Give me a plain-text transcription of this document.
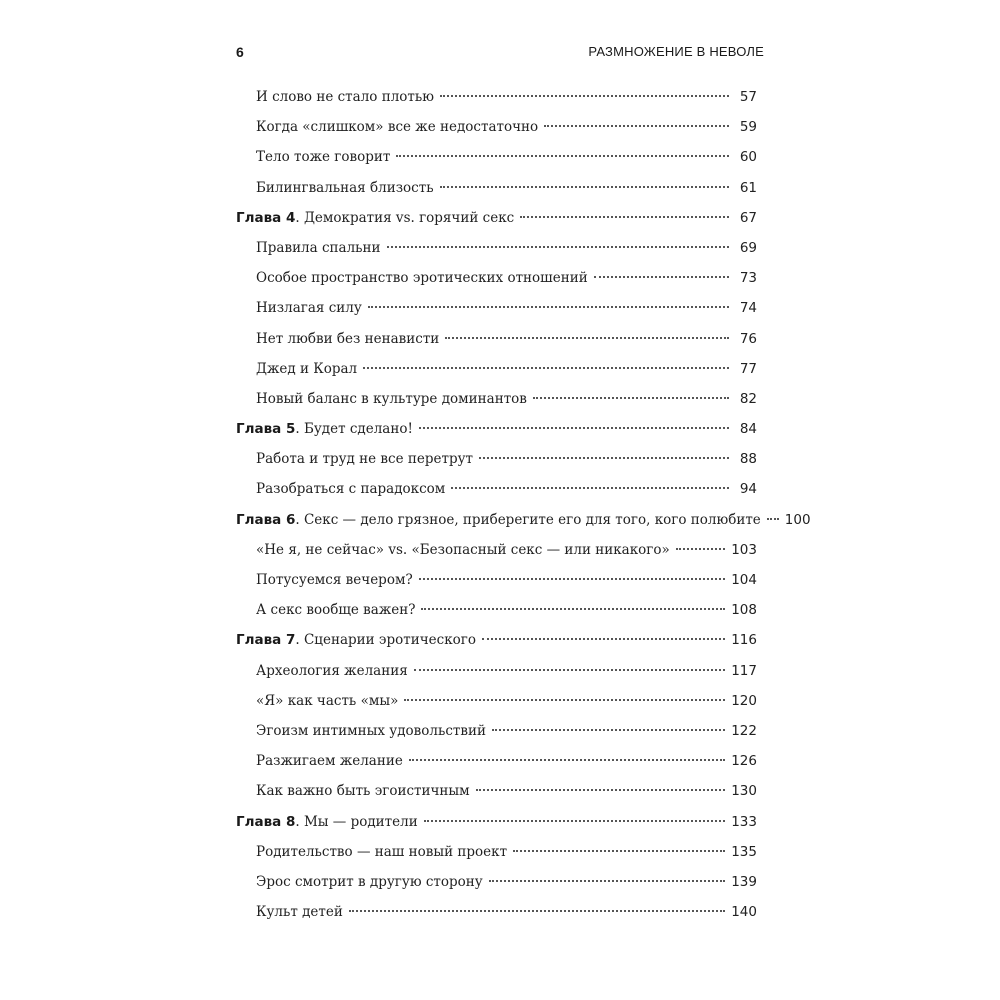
6	РАЗМНОЖЕНИЕ В НЕВОЛЕ
И слово не стало плотью	57
Когда «слишком» все же недостаточно	59
Тело тоже говорит	60
Билингвальная близость	61
Глава 4. Демократия vs. горячий секс	67
Правила спальни	69
Особое пространство эротических отношений	73
Низлагая силу	74
Нет любви без ненависти	76
Джед и Корал	77
Новый баланс в культуре доминантов	82
Глава 5. Будет сделано!	84
Работа и труд не все перетрут	88
Разобраться с парадоксом	94
Глава 6. Секс — дело грязное, приберегите его для того, кого полюбите 100
«Не я, не сейчас» vs. «Безопасный секс — или никакого»	103
Потусуемся вечером?	104
А секс вообще важен?	108
Глава 7. Сценарии эротического	116
Археология желания	117
«Я» как часть «мы»	120
Эгоизм интимных удовольствий	122
Разжигаем желание	126
Как важно быть эгоистичным	130
Глава 8. Мы — родители	133
Родительство — наш новый проект	135
Эрос смотрит в другую сторону	139
Культ детей	140
